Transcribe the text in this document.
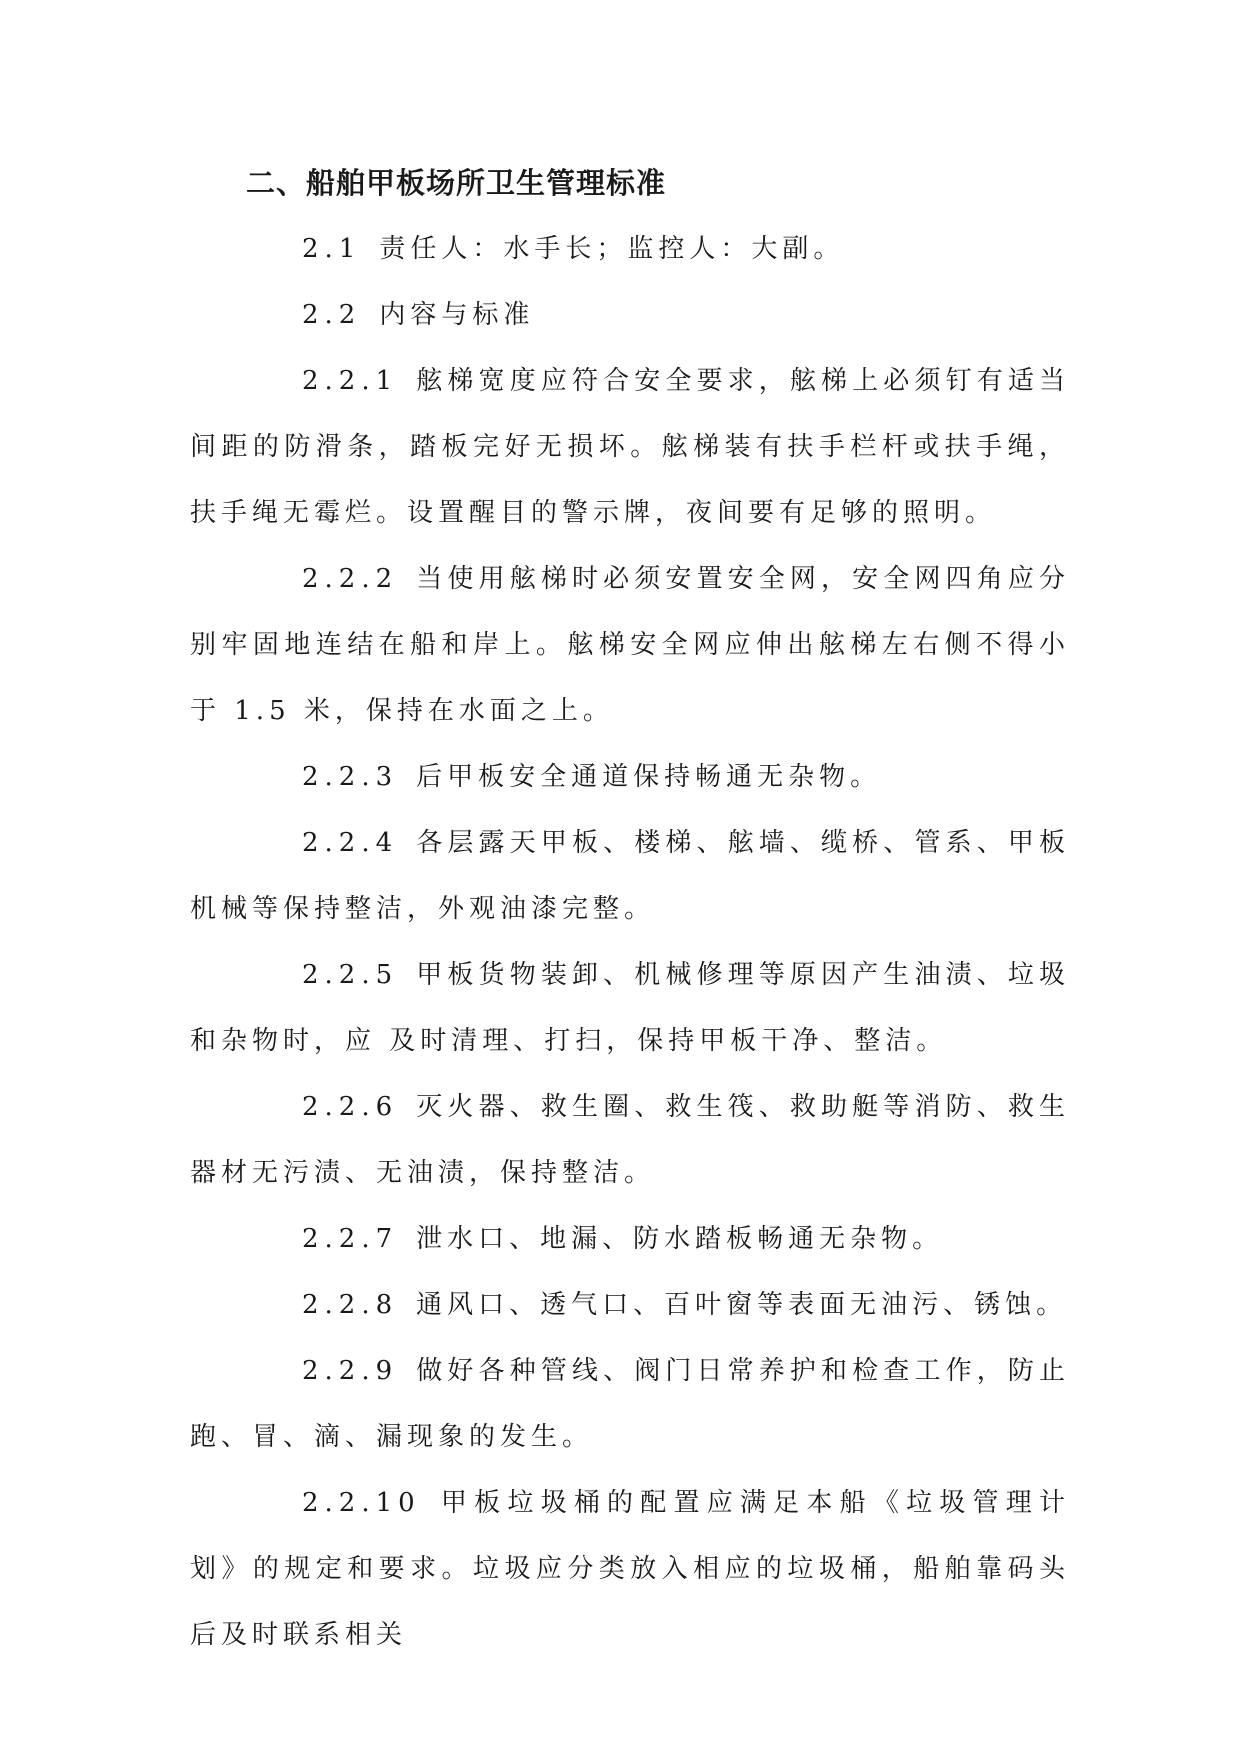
二、船舶甲板场所卫生管理标准

2.1 责任人：水手长；监控人：大副。

2.2 内容与标准

2.2.1 舷梯宽度应符合安全要求，舷梯上必须钉有适当间距的防滑条，踏板完好无损坏。舷梯装有扶手栏杆或扶手绳，扶手绳无霉烂。设置醒目的警示牌，夜间要有足够的照明。

2.2.2 当使用舷梯时必须安置安全网，安全网四角应分别牢固地连结在船和岸上。舷梯安全网应伸出舷梯左右侧不得小于 1.5 米，保持在水面之上。

2.2.3 后甲板安全通道保持畅通无杂物。

2.2.4 各层露天甲板、楼梯、舷墙、缆桥、管系、甲板机械等保持整洁，外观油漆完整。

2.2.5 甲板货物装卸、机械修理等原因产生油渍、垃圾和杂物时，应 及时清理、打扫，保持甲板干净、整洁。

2.2.6 灭火器、救生圈、救生筏、救助艇等消防、救生器材无污渍、无油渍，保持整洁。

2.2.7 泄水口、地漏、防水踏板畅通无杂物。

2.2.8 通风口、透气口、百叶窗等表面无油污、锈蚀。

2.2.9 做好各种管线、阀门日常养护和检查工作，防止跑、冒、滴、漏现象的发生。

2.2.10 甲板垃圾桶的配置应满足本船《垃圾管理计划》的规定和要求。垃圾应分类放入相应的垃圾桶，船舶靠码头后及时联系相关
